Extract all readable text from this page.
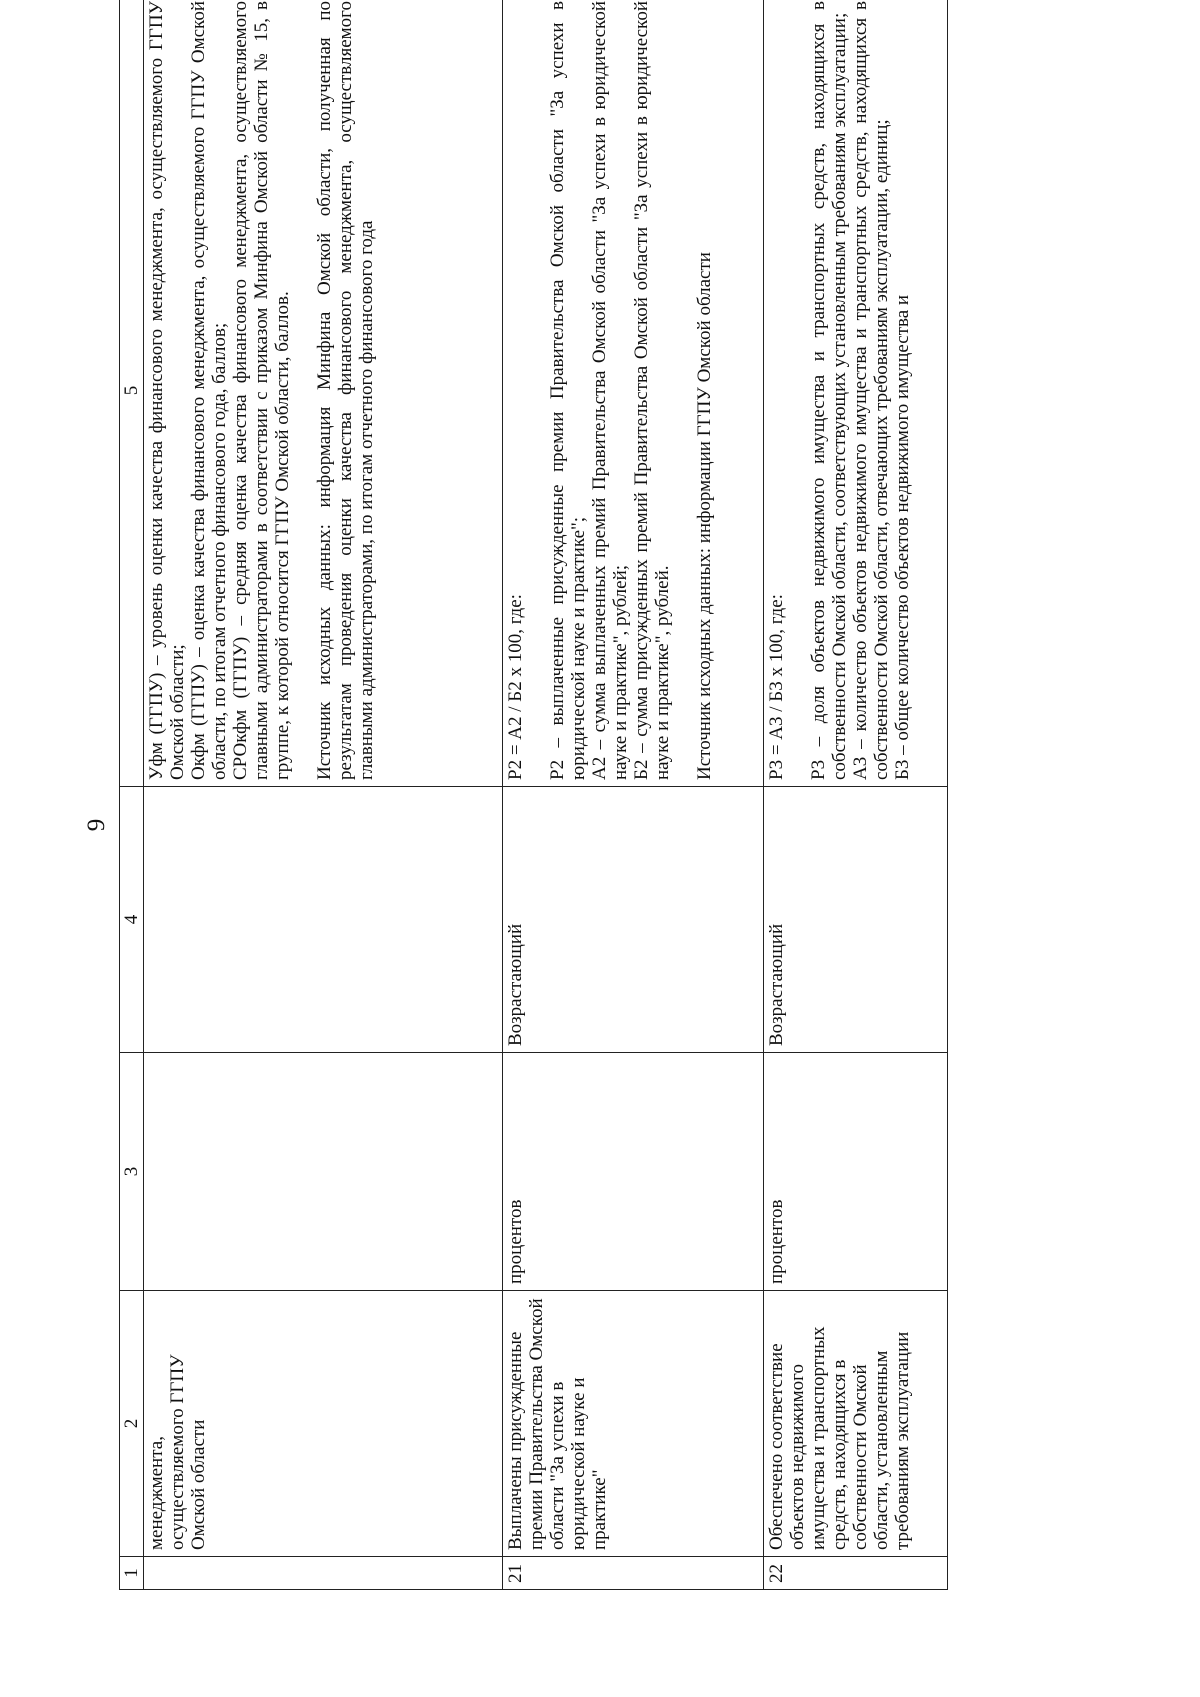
9
1	2	3	4	5
	менеджмента, осуществляемого ГГПУ Омской области			Уфм (ГГПУ) – уровень оценки качества финансового менеджмента, осуществляемого ГГПУ Омской области; Окфм (ГГПУ) – оценка качества финансового менеджмента, осуществляемого ГГПУ Омской области, по итогам отчетного финансового года, баллов; СРОкфм (ГГПУ) – средняя оценка качества финансового менеджмента, осуществляемого главными администраторами в соответствии с приказом Минфина Омской области № 15, в группе, к которой относится ГГПУ Омской области, баллов. Источник исходных данных: информация Минфина Омской области, полученная по результатам проведения оценки качества финансового менеджмента, осуществляемого главными администраторами, по итогам отчетного финансового года

21	Выплачены присужденные премии Правительства Омской области "За успехи в юридической науке и практике"	процентов	Возрастающий	Р2 = А2 / Б2 x 100, где: Р2 – выплаченные присужденные премии Правительства Омской области "За успехи в юридической науке и практике"; А2 – сумма выплаченных премий Правительства Омской области "За успехи в юридической науке и практике", рублей; Б2 – сумма присужденных премий Правительства Омской области "За успехи в юридической науке и практике", рублей. Источник исходных данных: информации ГГПУ Омской области

22	Обеспечено соответствие объектов недвижимого имущества и транспортных средств, находящихся в собственности Омской области, установленным требованиям эксплуатации	процентов	Возрастающий	Р3 = А3 / Б3 x 100, где: Р3 – доля объектов недвижимого имущества и транспортных средств, находящихся в собственности Омской области, соответствующих установленным требованиям эксплуатации; А3 – количество объектов недвижимого имущества и транспортных средств, находящихся в собственности Омской области, отвечающих требованиям эксплуатации, единиц; Б3 – общее количество объектов недвижимого имущества и
